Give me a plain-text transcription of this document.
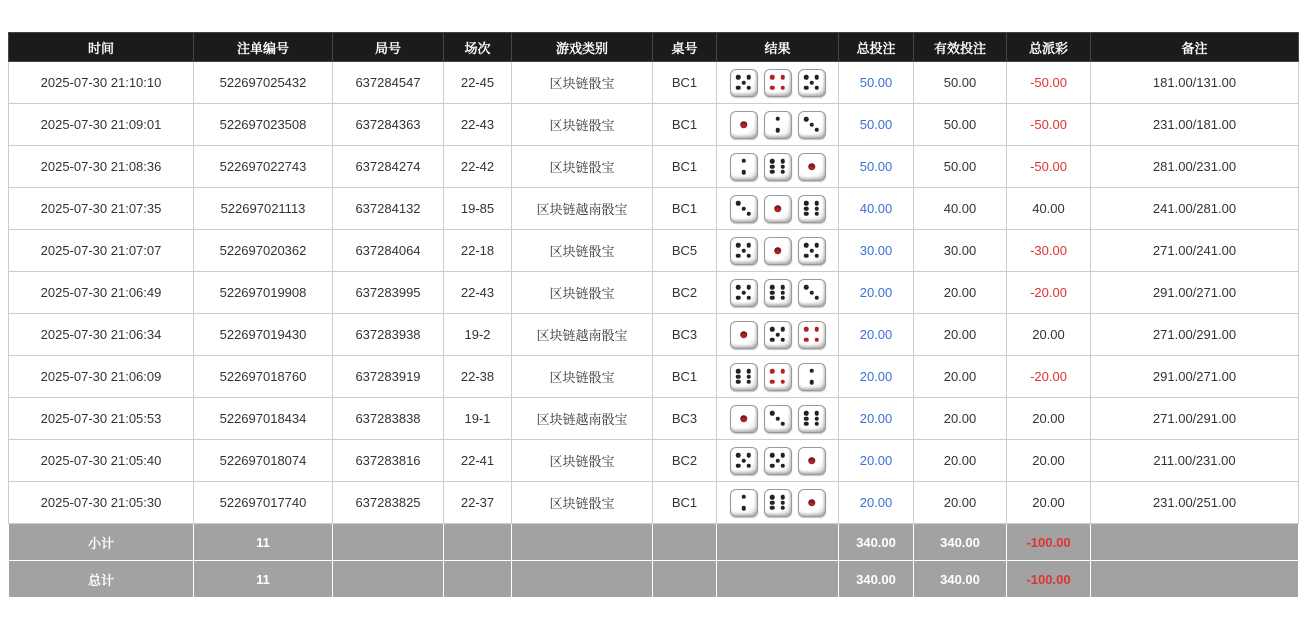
时间	注单编号	局号	场次	游戏类别	桌号	结果	总投注	有效投注	总派彩	备注
2025-07-30 21:10:10	522697025432	637284547	22-45	区块链骰宝	BC1		50.00	50.00	-50.00	181.00/131.00
2025-07-30 21:09:01	522697023508	637284363	22-43	区块链骰宝	BC1		50.00	50.00	-50.00	231.00/181.00
2025-07-30 21:08:36	522697022743	637284274	22-42	区块链骰宝	BC1		50.00	50.00	-50.00	281.00/231.00
2025-07-30 21:07:35	522697021113	637284132	19-85	区块链越南骰宝	BC1		40.00	40.00	40.00	241.00/281.00
2025-07-30 21:07:07	522697020362	637284064	22-18	区块链骰宝	BC5		30.00	30.00	-30.00	271.00/241.00
2025-07-30 21:06:49	522697019908	637283995	22-43	区块链骰宝	BC2		20.00	20.00	-20.00	291.00/271.00
2025-07-30 21:06:34	522697019430	637283938	19-2	区块链越南骰宝	BC3		20.00	20.00	20.00	271.00/291.00
2025-07-30 21:06:09	522697018760	637283919	22-38	区块链骰宝	BC1		20.00	20.00	-20.00	291.00/271.00
2025-07-30 21:05:53	522697018434	637283838	19-1	区块链越南骰宝	BC3		20.00	20.00	20.00	271.00/291.00
2025-07-30 21:05:40	522697018074	637283816	22-41	区块链骰宝	BC2		20.00	20.00	20.00	211.00/231.00
2025-07-30 21:05:30	522697017740	637283825	22-37	区块链骰宝	BC1		20.00	20.00	20.00	231.00/251.00
小计	11						340.00	340.00	-100.00	
总计	11						340.00	340.00	-100.00	
